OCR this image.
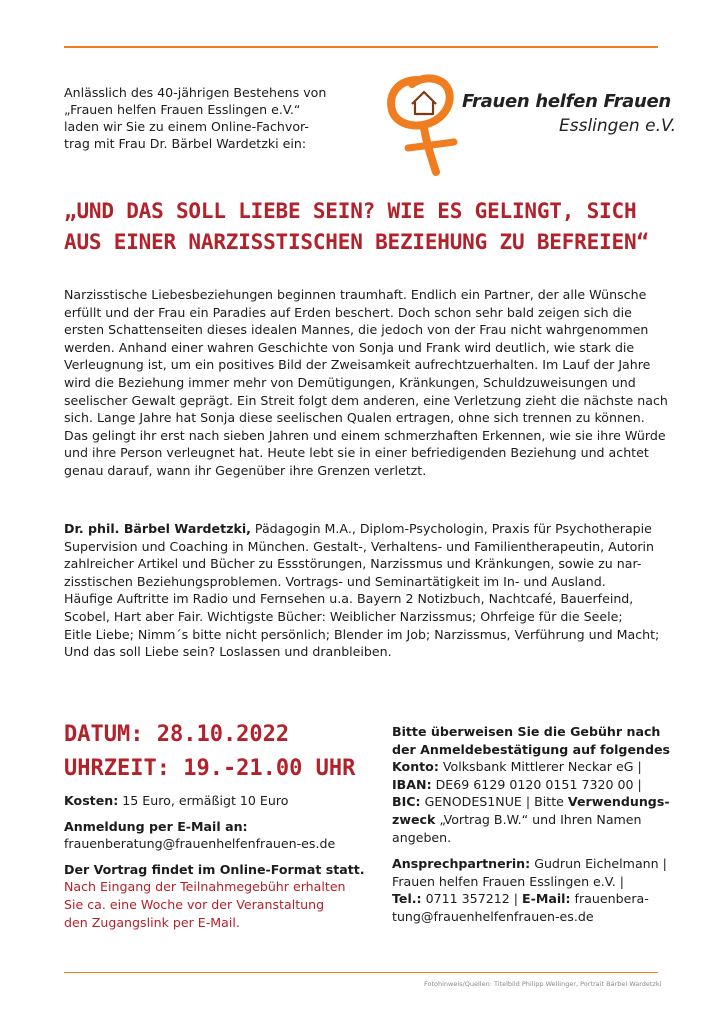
Anlässlich des 40-jährigen Bestehens von
„Frauen helfen Frauen Esslingen e.V.“
laden wir Sie zu einem Online-Fachvor-
trag mit Frau Dr. Bärbel Wardetzki ein:
Frauen helfen Frauen
Esslingen e.V.
„UND DAS SOLL LIEBE SEIN? WIE ES GELINGT, SICH
AUS EINER NARZISSTISCHEN BEZIEHUNG ZU BEFREIEN“
Narzisstische Liebesbeziehungen beginnen traumhaft. Endlich ein Partner, der alle Wünsche
erfüllt und der Frau ein Paradies auf Erden beschert. Doch schon sehr bald zeigen sich die
ersten Schattenseiten dieses idealen Mannes, die jedoch von der Frau nicht wahrgenommen
werden. Anhand einer wahren Geschichte von Sonja und Frank wird deutlich, wie stark die
Verleugnung ist, um ein positives Bild der Zweisamkeit aufrechtzuerhalten. Im Lauf der Jahre
wird die Beziehung immer mehr von Demütigungen, Kränkungen, Schuldzuweisungen und
seelischer Gewalt geprägt. Ein Streit folgt dem anderen, eine Verletzung zieht die nächste nach
sich. Lange Jahre hat Sonja diese seelischen Qualen ertragen, ohne sich trennen zu können.
Das gelingt ihr erst nach sieben Jahren und einem schmerzhaften Erkennen, wie sie ihre Würde
und ihre Person verleugnet hat. Heute lebt sie in einer befriedigenden Beziehung und achtet
genau darauf, wann ihr Gegenüber ihre Grenzen verletzt.
Dr. phil. Bärbel Wardetzki, Pädagogin M.A., Diplom-Psychologin, Praxis für Psychotherapie
Supervision und Coaching in München. Gestalt-, Verhaltens- und Familientherapeutin, Autorin
zahlreicher Artikel und Bücher zu Essstörungen, Narzissmus und Kränkungen, sowie zu nar-
zisstischen Beziehungsproblemen. Vortrags- und Seminartätigkeit im In- und Ausland.
Häufige Auftritte im Radio und Fernsehen u.a. Bayern 2 Notizbuch, Nachtcafé, Bauerfeind,
Scobel, Hart aber Fair. Wichtigste Bücher: Weiblicher Narzissmus; Ohrfeige für die Seele;
Eitle Liebe; Nimm´s bitte nicht persönlich; Blender im Job; Narzissmus, Verführung und Macht;
Und das soll Liebe sein? Loslassen und dranbleiben.
DATUM: 28.10.2022
UHRZEIT: 19.-21.00 UHR
Kosten: 15 Euro, ermäßigt 10 Euro
Anmeldung per E-Mail an:
frauenberatung@frauenhelfenfrauen-es.de
Der Vortrag findet im Online-Format statt.
Nach Eingang der Teilnahmegebühr erhalten
Sie ca. eine Woche vor der Veranstaltung
den Zugangslink per E-Mail.
Bitte überweisen Sie die Gebühr nach
der Anmeldebestätigung auf folgendes
Konto: Volksbank Mittlerer Neckar eG |
IBAN: DE69 6129 0120 0151 7320 00 |
BIC: GENODES1NUE | Bitte Verwendungs-
zweck „Vortrag B.W.“ und Ihren Namen
angeben.
Ansprechpartnerin: Gudrun Eichelmann |
Frauen helfen Frauen Esslingen e.V. |
Tel.: 0711 357212 | E-Mail: frauenbera-
tung@frauenhelfenfrauen-es.de
Fotohinweis/Quellen: Titelbild Philipp Wellinger, Portrait Bärbel Wardetzki
